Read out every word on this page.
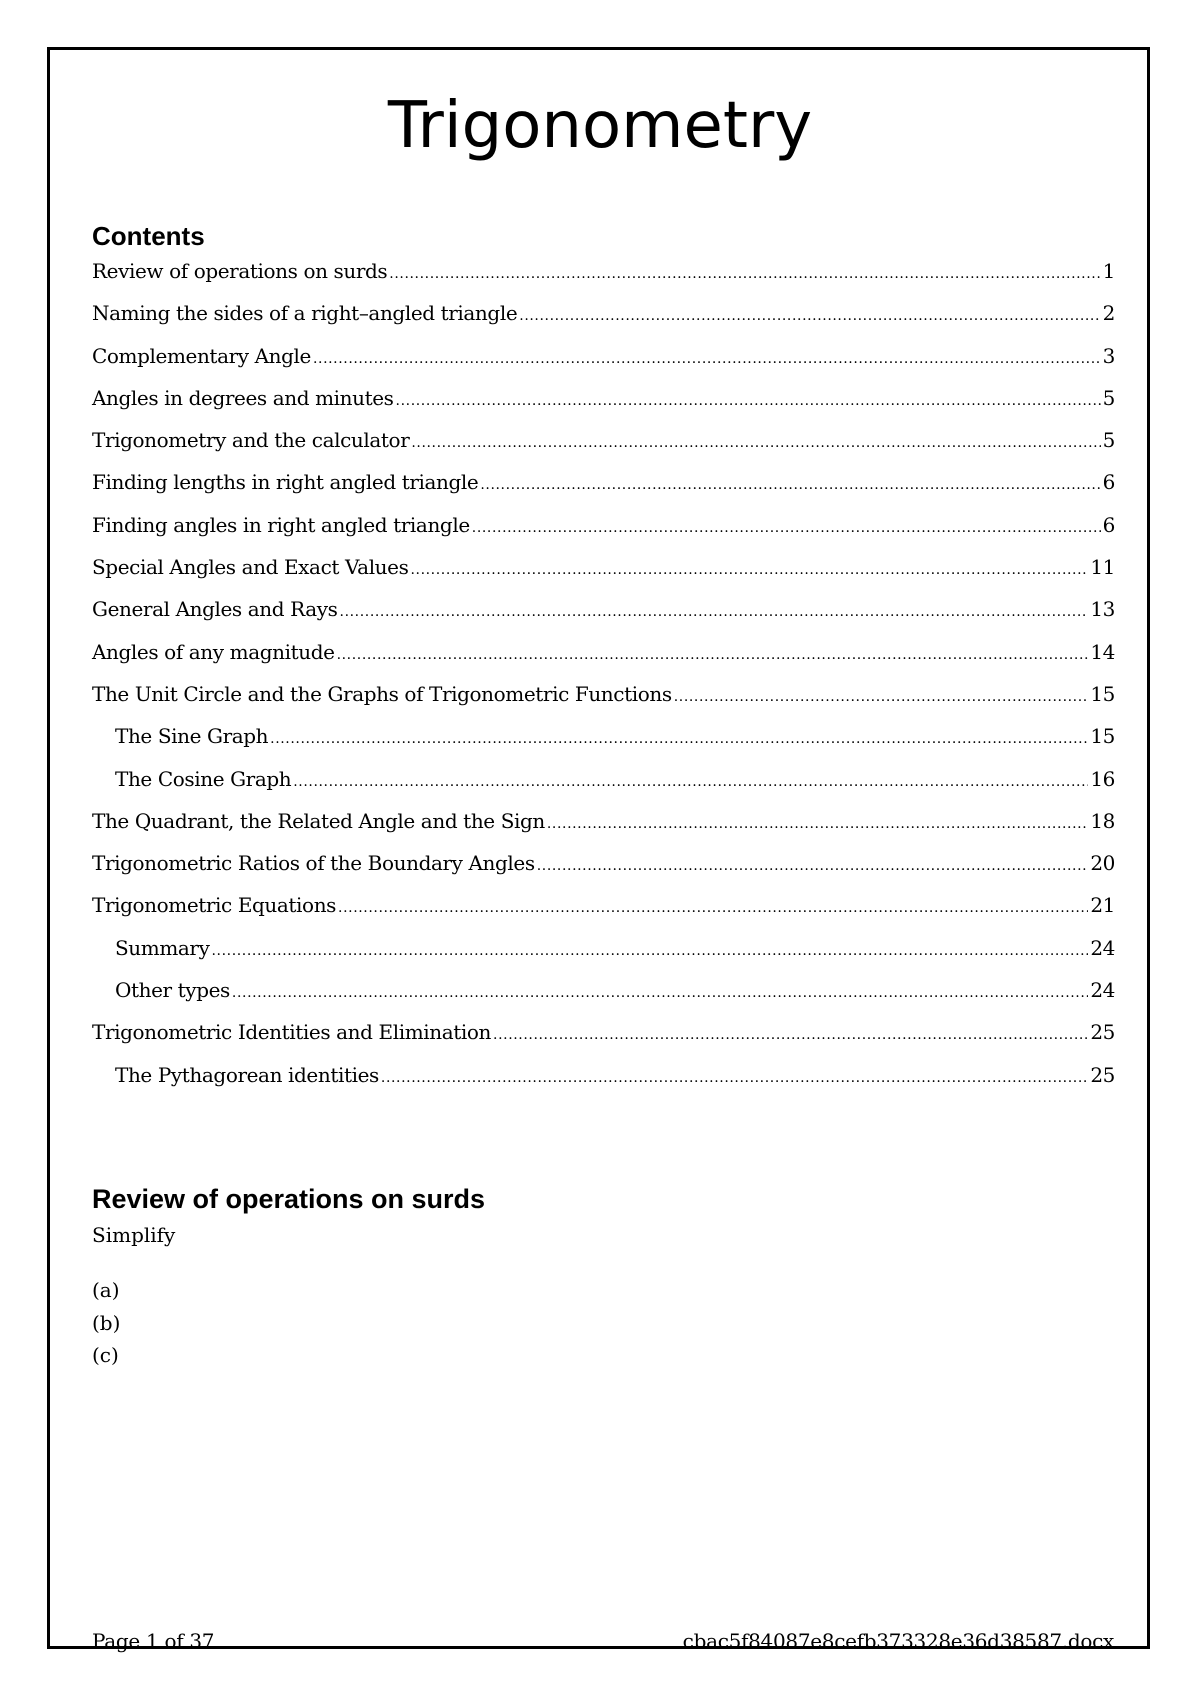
Trigonometry
Contents
Review of operations on surds .....	1
Naming the sides of a right–angled triangle .....	2
Complementary Angle .....	3
Angles in degrees and minutes .....	5
Trigonometry and the calculator .....	5
Finding lengths in right angled triangle .....	6
Finding angles in right angled triangle .....	6
Special Angles and Exact Values .....	11
General Angles and Rays .....	13
Angles of any magnitude .....	14
The Unit Circle and the Graphs of Trigonometric Functions .....	15
The Sine Graph .....	15
The Cosine Graph .....	16
The Quadrant, the Related Angle and the Sign .....	18
Trigonometric Ratios of the Boundary Angles .....	20
Trigonometric Equations .....	21
Summary .....	24
Other types .....	24
Trigonometric Identities and Elimination .....	25
The Pythagorean identities .....	25
Review of operations on surds

Simplify

(a)
(b)
(c)
Page 1 of 37	cbac5f84087e8cefb373328e36d38587.docx
